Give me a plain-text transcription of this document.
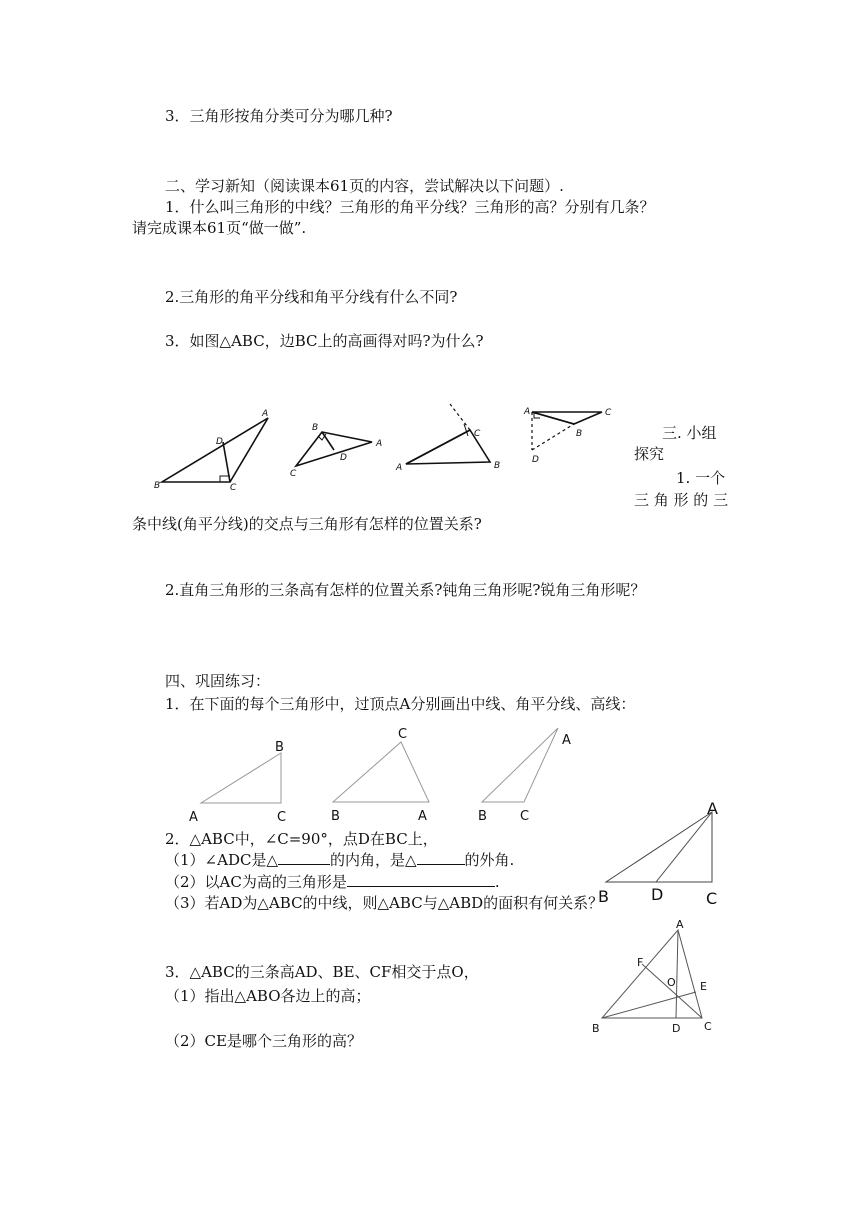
3．三角形按角分类可分为哪几种?
二、学习新知（阅读课本61页的内容，尝试解决以下问题）.
1．什么叫三角形的中线？三角形的角平分线？三角形的高？分别有几条？
请完成课本61页“做一做”.
2.三角形的角平分线和角平分线有什么不同?
3．如图△ABC，边BC上的高画得对吗?为什么?
A
D
B	C
B
A
D
C
C
A	B
A	C
B
D
三. 小组
探究
1. 一个
三 角 形 的 三
条中线(角平分线)的交点与三角形有怎样的位置关系?
2.直角三角形的三条高有怎样的位置关系?钝角三角形呢?锐角三角形呢？
四、巩固练习：
1．在下面的每个三角形中，过顶点A分别画出中线、角平分线、高线：
B
A	C
C
B	A
A
B	C
2．△ABC中，∠C=90°，点D在BC上，
（1）∠ADC是△	的内角，是△	的外角.
（2）以AC为高的三角形是	.
（3）若AD为△ABC的中线，则△ABC与△ABD的面积有何关系？
A
B	D	C
3．△ABC的三条高AD、BE、CF相交于点O，
（1）指出△ABO各边上的高；
（2）CE是哪个三角形的高？
A
F
O E
B	D C
